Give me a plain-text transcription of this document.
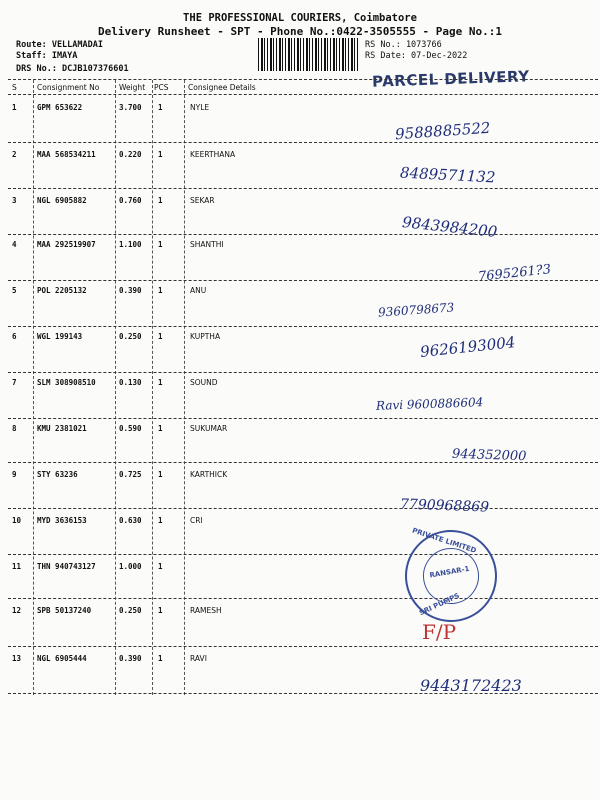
THE PROFESSIONAL COURIERS, Coimbatore
Delivery Runsheet - SPT - Phone No.:0422-3505555 - Page No.:1
Route: VELLAMADAI
Staff: IMAYA
DRS No.: DCJB107376601
RS No.: 1073766
RS Date: 07-Dec-2022
PARCEL DELIVERY
S	Consignment No	Weight PCS	Consignee Details
1	GPM 653622	3.700 1	NYLE
9588885522
2	MAA 568534211	0.220 1	KEERTHANA
8489571132
3	NGL 6905882	0.760 1	SEKAR
9843984200
4	MAA 292519907	1.100 1	SHANTHI
7695261?3
5	POL 2205132	0.390 1	ANU
9360798673
6	WGL 199143	0.250 1	KUPTHA	9626193004
7	SLM 308908510	0.130 1	SOUND
Ravi 9600886604
8	KMU 2381021	0.590 1	SUKUMAR
944352000
9	STY 63236	0.725 1	KARTHICK
7790968869
10 MYD 3636153	0.630 1	CRI
11 THN 940743127	1.000 1
12 SPB 50137240	0.250 1	RAMESH
F/P
13 NGL 6905444	0.390 1	RAVI
9443172423
PRIVATE LIMITED
RANSAR-1
SRI PUMPS
